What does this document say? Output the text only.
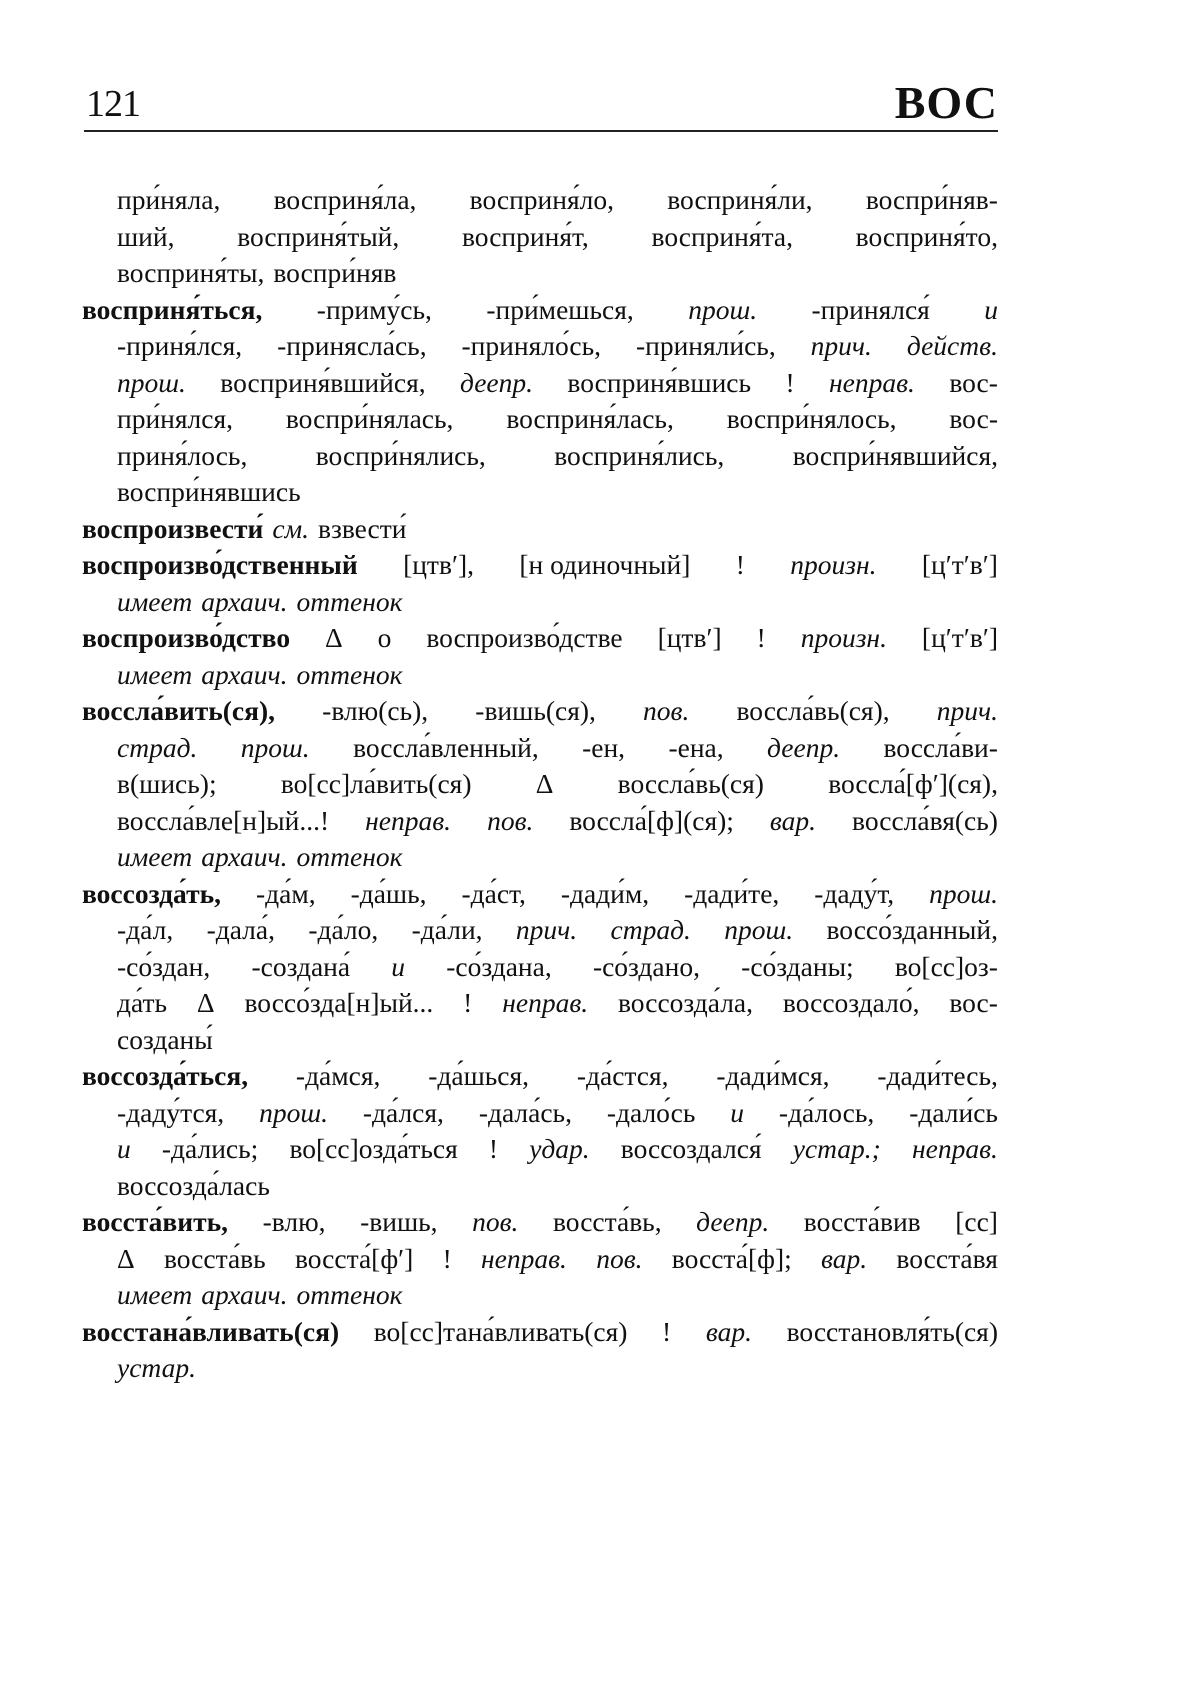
121	ВОС
при́няла, восприня́ла, восприня́ло, восприня́ли, воспри́няв-
ший, восприня́тый, восприня́т, восприня́та, восприня́то,
восприня́ты, воспри́няв
восприня́ться, -приму́сь, -при́мешься, прош. -принялся́ и
-приня́лся, -принясла́сь, -приняло́сь, -приняли́сь, прич. действ.
прош. восприня́вшийся, деепр. восприня́вшись ! неправ. вос-
при́нялся, воспри́нялась, восприня́лась, воспри́нялось, вос-
приня́лось, воспри́нялись, восприня́лись, воспри́нявшийся,
воспри́нявшись
воспроизвести́ см. взвести́
воспроизво́дственный [цтвʹ], [н одиночный] ! произн. [цʹтʹвʹ]
имеет архаич. оттенок
воспроизво́дство Δ о воспроизво́дстве [цтвʹ] ! произн. [цʹтʹвʹ]
имеет архаич. оттенок
воссла́вить(ся), -влю(сь), -вишь(ся), пов. воссла́вь(ся), прич.
страд. прош. воссла́вленный, -ен, -ена, деепр. воссла́ви-
в(шись); во[сс]ла́вить(ся) Δ воссла́вь(ся) воссла́[фʹ](ся),
воссла́вле[н]ый...! неправ. пов. воссла́[ф](ся); вар. воссла́вя(сь)
имеет архаич. оттенок
воссозда́ть, -да́м, -да́шь, -да́ст, -дади́м, -дади́те, -даду́т, прош.
-да́л, -дала́, -да́ло, -да́ли, прич. страд. прош. воссо́зданный,
-со́здан, -создана́ и -со́здана, -со́здано, -со́зданы; во[сс]оз-
да́ть Δ воссо́зда[н]ый... ! неправ. воссозда́ла, воссоздало́, вос-
созданы́
воссозда́ться, -да́мся, -да́шься, -да́стся, -дади́мся, -дади́тесь,
-даду́тся, прош. -да́лся, -дала́сь, -дало́сь и -да́лось, -дали́сь
и -да́лись; во[сс]озда́ться ! удар. воссоздался́ устар.; неправ.
воссозда́лась
восста́вить, -влю, -вишь, пов. восста́вь, деепр. восста́вив [сс]
Δ восста́вь восста́[фʹ] ! неправ. пов. восста́[ф]; вар. восста́вя
имеет архаич. оттенок
восстана́вливать(ся) во[сс]тана́вливать(ся) ! вар. восстановля́ть(ся)
устар.
